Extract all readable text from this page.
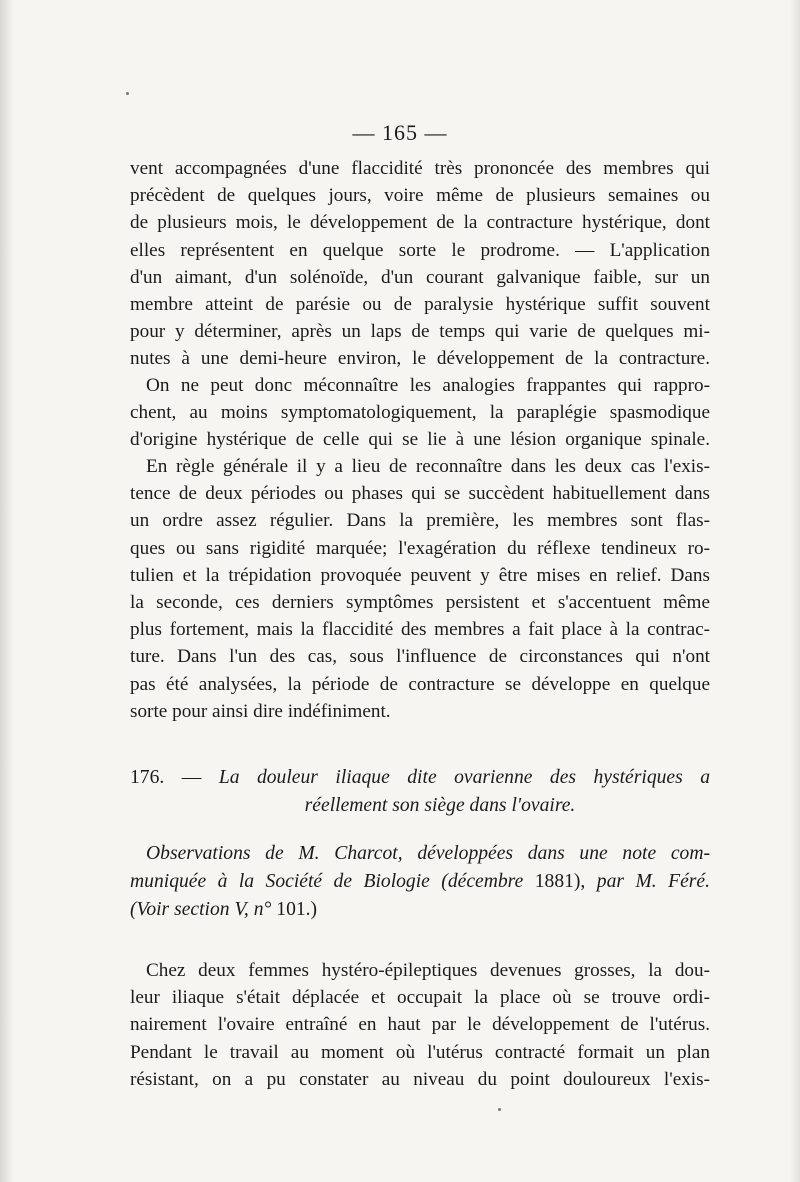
— 165 —
vent accompagnées d'une flaccidité très prononcée des membres qui
précèdent de quelques jours, voire même de plusieurs semaines ou
de plusieurs mois, le développement de la contracture hystérique, dont
elles représentent en quelque sorte le prodrome. — L'application
d'un aimant, d'un solénoïde, d'un courant galvanique faible, sur un
membre atteint de parésie ou de paralysie hystérique suffit souvent
pour y déterminer, après un laps de temps qui varie de quelques mi-
nutes à une demi-heure environ, le développement de la contracture.
On ne peut donc méconnaître les analogies frappantes qui rappro-
chent, au moins symptomatologiquement, la paraplégie spasmodique
d'origine hystérique de celle qui se lie à une lésion organique spinale.
En règle générale il y a lieu de reconnaître dans les deux cas l'exis-
tence de deux périodes ou phases qui se succèdent habituellement dans
un ordre assez régulier. Dans la première, les membres sont flas-
ques ou sans rigidité marquée; l'exagération du réflexe tendineux ro-
tulien et la trépidation provoquée peuvent y être mises en relief. Dans
la seconde, ces derniers symptômes persistent et s'accentuent même
plus fortement, mais la flaccidité des membres a fait place à la contrac-
ture. Dans l'un des cas, sous l'influence de circonstances qui n'ont
pas été analysées, la période de contracture se développe en quelque
sorte pour ainsi dire indéfiniment.
176. — La douleur iliaque dite ovarienne des hystériques a
réellement son siège dans l'ovaire.
Observations de M. Charcot, développées dans une note com-
muniquée à la Société de Biologie (décembre 1881), par M. Féré.
(Voir section V, n° 101.)
Chez deux femmes hystéro-épileptiques devenues grosses, la dou-
leur iliaque s'était déplacée et occupait la place où se trouve ordi-
nairement l'ovaire entraîné en haut par le développement de l'utérus.
Pendant le travail au moment où l'utérus contracté formait un plan
résistant, on a pu constater au niveau du point douloureux l'exis-
